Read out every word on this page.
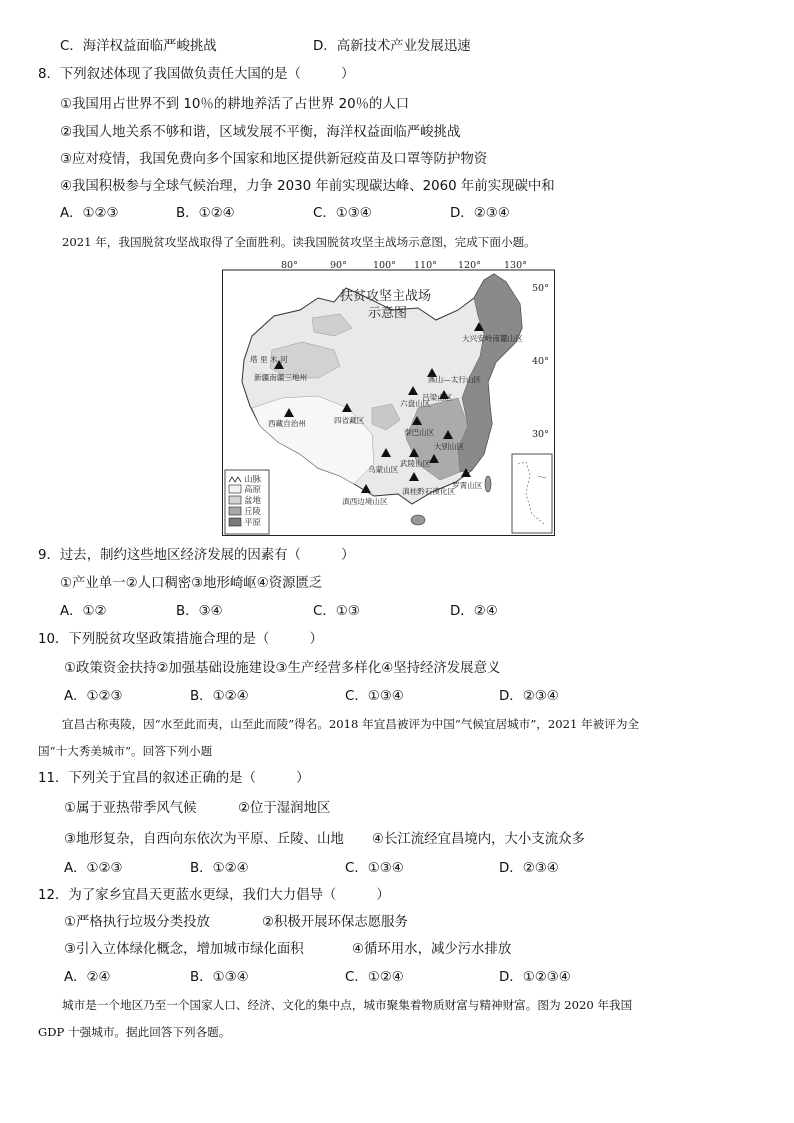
C．海洋权益面临严峻挑战	D．高新技术产业发展迅速
8．下列叙述体现了我国做负责任大国的是（　　　）
①我国用占世界不到 10％的耕地养活了占世界 20％的人口
②我国人地关系不够和谐，区域发展不平衡，海洋权益面临严峻挑战
③应对疫情，我国免费向多个国家和地区提供新冠疫苗及口罩等防护物资
④我国积极参与全球气候治理，力争 2030 年前实现碳达峰、2060 年前实现碳中和
A．①②③	B．①②④	C．①③④	D．②③④
2021 年，我国脱贫攻坚战取得了全面胜利。读我国脱贫攻坚主战场示意图，完成下面小题。
80°	90°	100° 110° 120° 130°
50°
40°
30°
扶贫攻坚主战场
示意图
塔 里 木 河
新疆南疆三地州
西藏自治州	四省藏区
六盘山区
吕梁山区
燕山—太行山区
大兴安岭南麓山区
秦巴山区
大别山区
武陵山区
乌蒙山区
滇桂黔石漠化区
滇西边境山区
罗霄山区
山脉
高原
盆地
丘陵
平原
9．过去，制约这些地区经济发展的因素有（　　　）
①产业单一②人口稠密③地形崎岖④资源匮乏
A．①②	B．③④	C．①③	D．②④
10．下列脱贫攻坚政策措施合理的是（　　　）
①政策资金扶持②加强基础设施建设③生产经营多样化④坚持经济发展意义
A．①②③	B．①②④	C．①③④	D．②③④
宜昌古称夷陵，因“水至此而夷，山至此而陵”得名。2018 年宜昌被评为中国“气候宜居城市”，2021 年被评为全
国“十大秀美城市”。回答下列小题
11．下列关于宜昌的叙述正确的是（　　　）
①属于亚热带季风气候	②位于湿润地区
③地形复杂，自西向东依次为平原、丘陵、山地 ④长江流经宜昌境内，大小支流众多
A．①②③	B．①②④	C．①③④	D．②③④
12．为了家乡宜昌天更蓝水更绿，我们大力倡导（　　　）
①严格执行垃圾分类投放	②积极开展环保志愿服务
③引入立体绿化概念，增加城市绿化面积	④循环用水，减少污水排放
A．②④	B．①③④	C．①②④	D．①②③④
城市是一个地区乃至一个国家人口、经济、文化的集中点，城市聚集着物质财富与精神财富。图为 2020 年我国
GDP 十强城市。据此回答下列各题。
